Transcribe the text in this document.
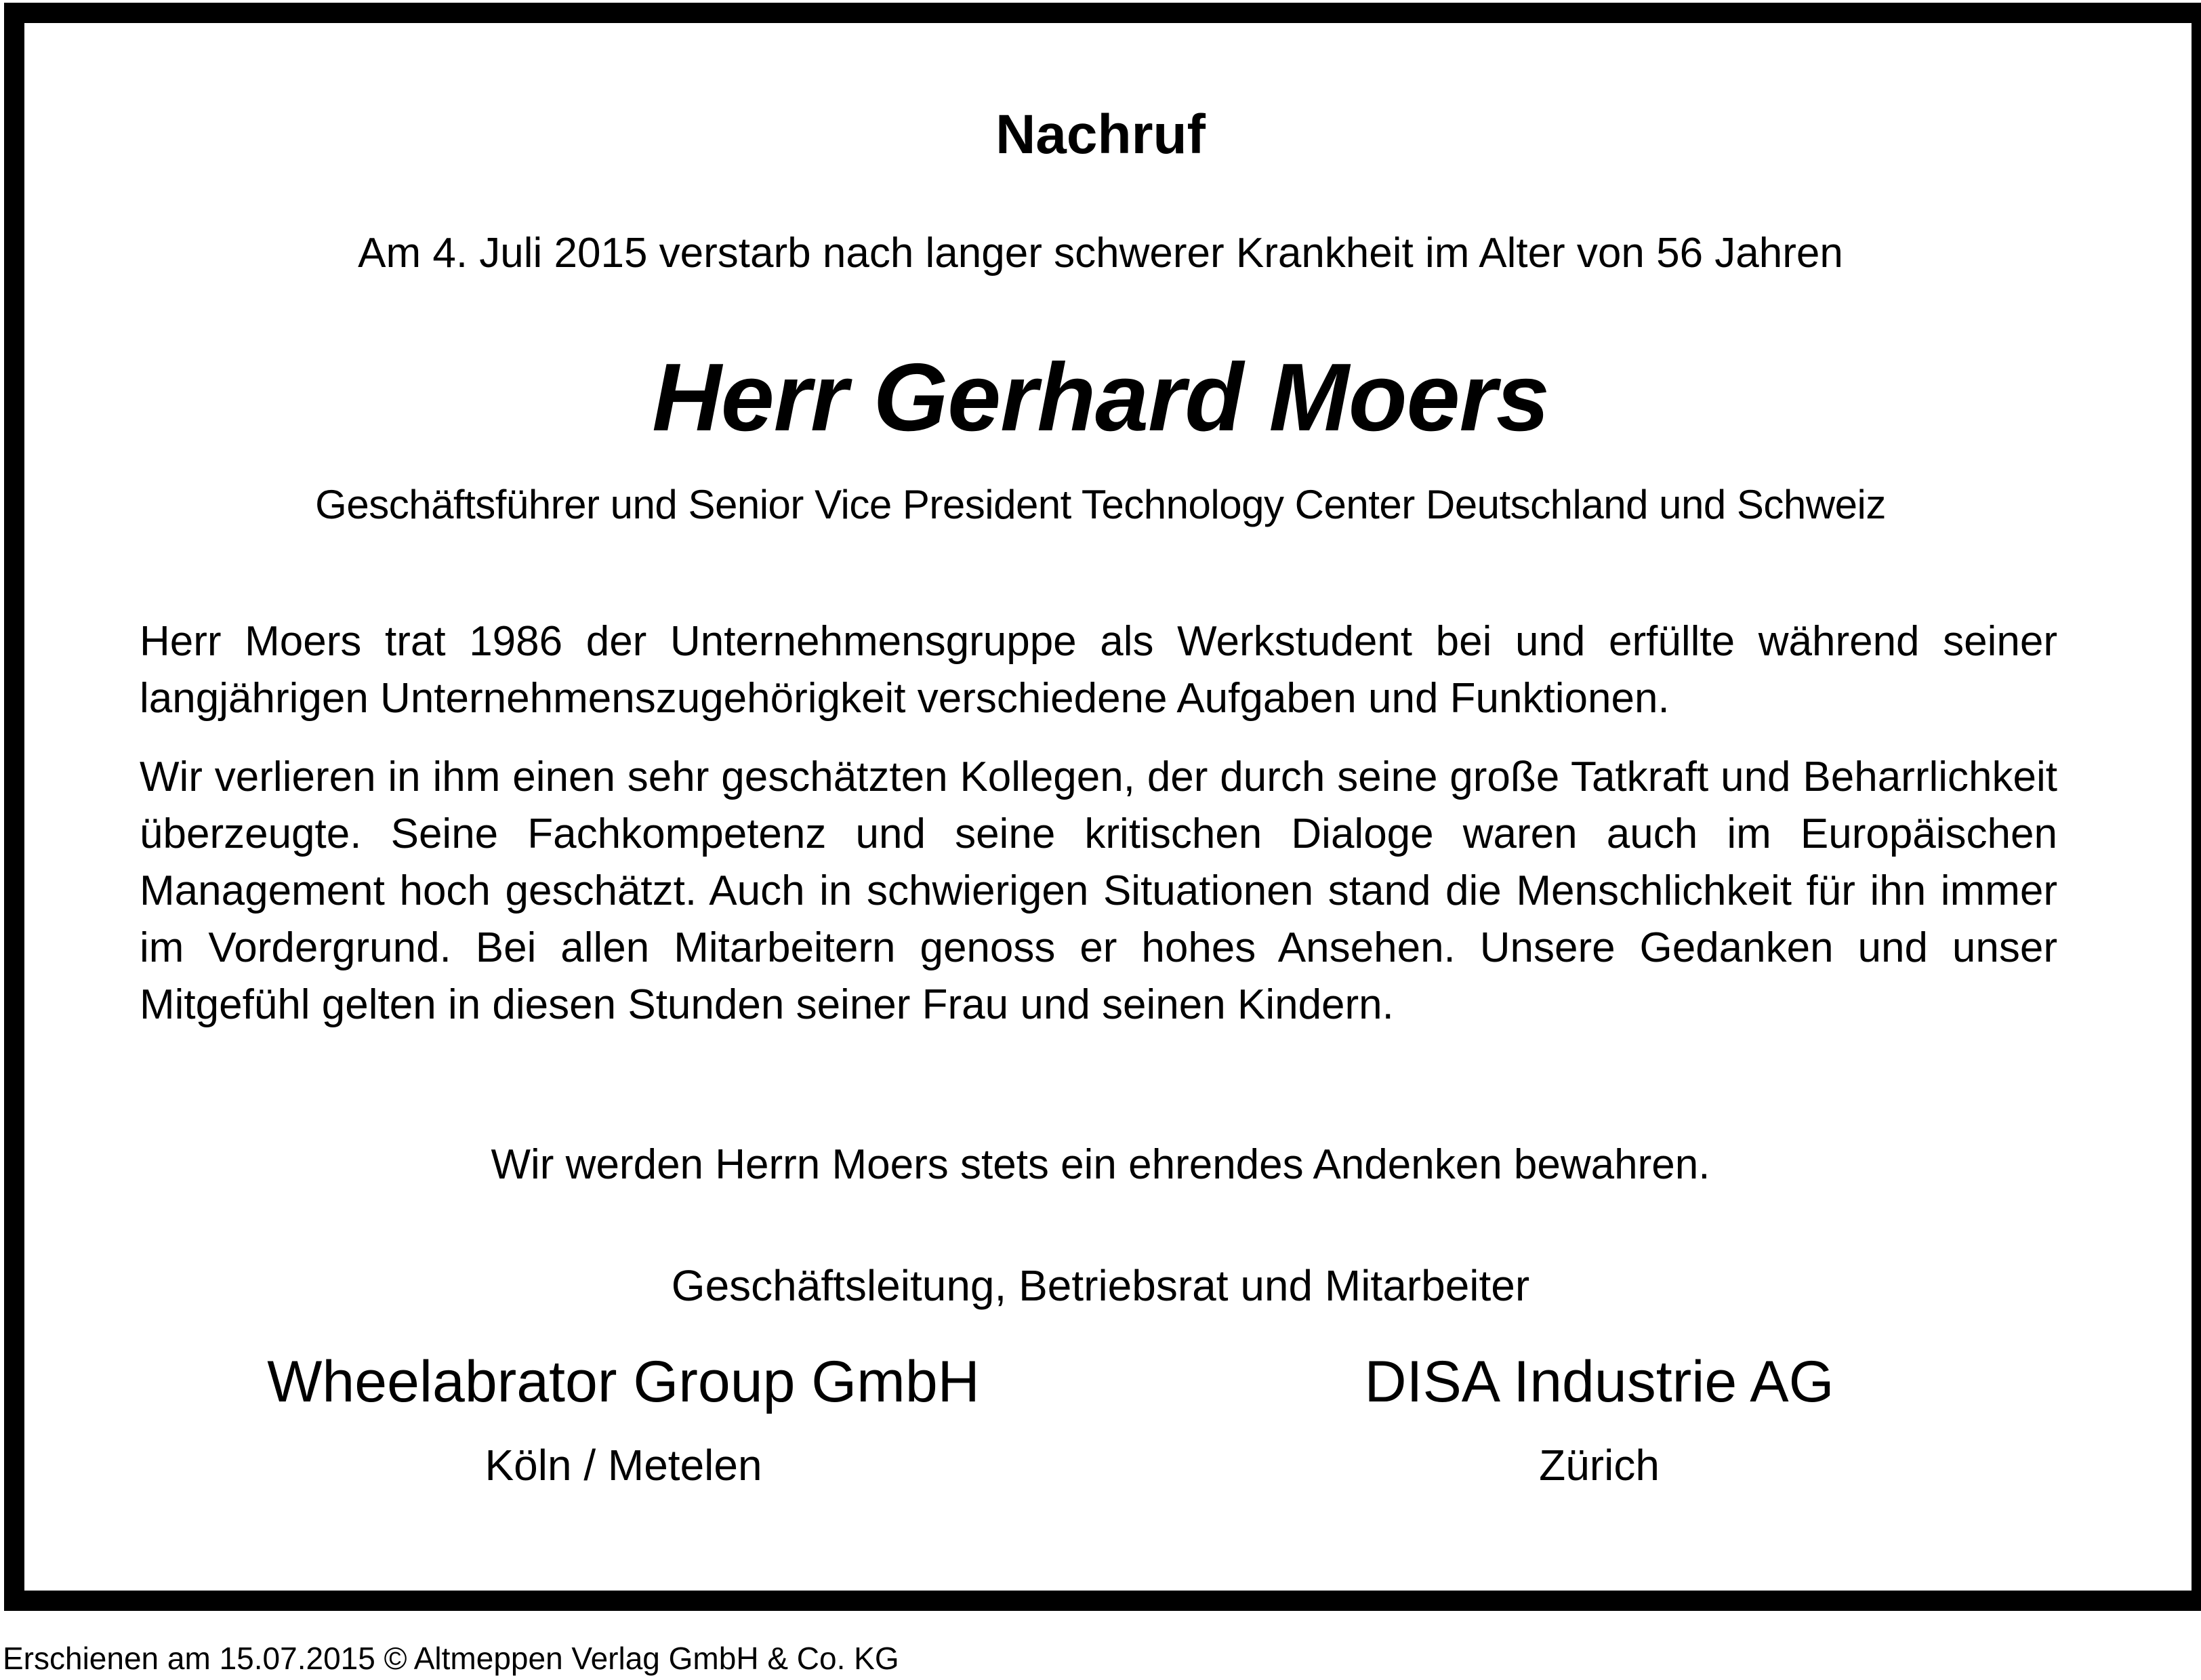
Nachruf
Am 4. Juli 2015 verstarb nach langer schwerer Krankheit im Alter von 56 Jahren
Herr Gerhard Moers
Geschäftsführer und Senior Vice President Technology Center Deutschland und Schweiz
Herr Moers trat 1986 der Unternehmensgruppe als Werkstudent bei und erfüllte während seiner langjährigen Unternehmenszugehörigkeit verschiedene Aufgaben und Funktionen.
Wir verlieren in ihm einen sehr geschätzten Kollegen, der durch seine große Tatkraft und Beharrlichkeit überzeugte. Seine Fachkompetenz und seine kritischen Dialoge waren auch im Europäischen Management hoch geschätzt. Auch in schwierigen Situationen stand die Menschlichkeit für ihn immer im Vordergrund. Bei allen Mitarbeitern genoss er hohes Ansehen. Unsere Gedanken und unser Mitgefühl gelten in diesen Stunden seiner Frau und seinen Kindern.
Wir werden Herrn Moers stets ein ehrendes Andenken bewahren.
Geschäftsleitung, Betriebsrat und Mitarbeiter
Wheelabrator Group GmbH	DISA Industrie AG
Köln / Metelen	Zürich
Erschienen am 15.07.2015 © Altmeppen Verlag GmbH & Co. KG
